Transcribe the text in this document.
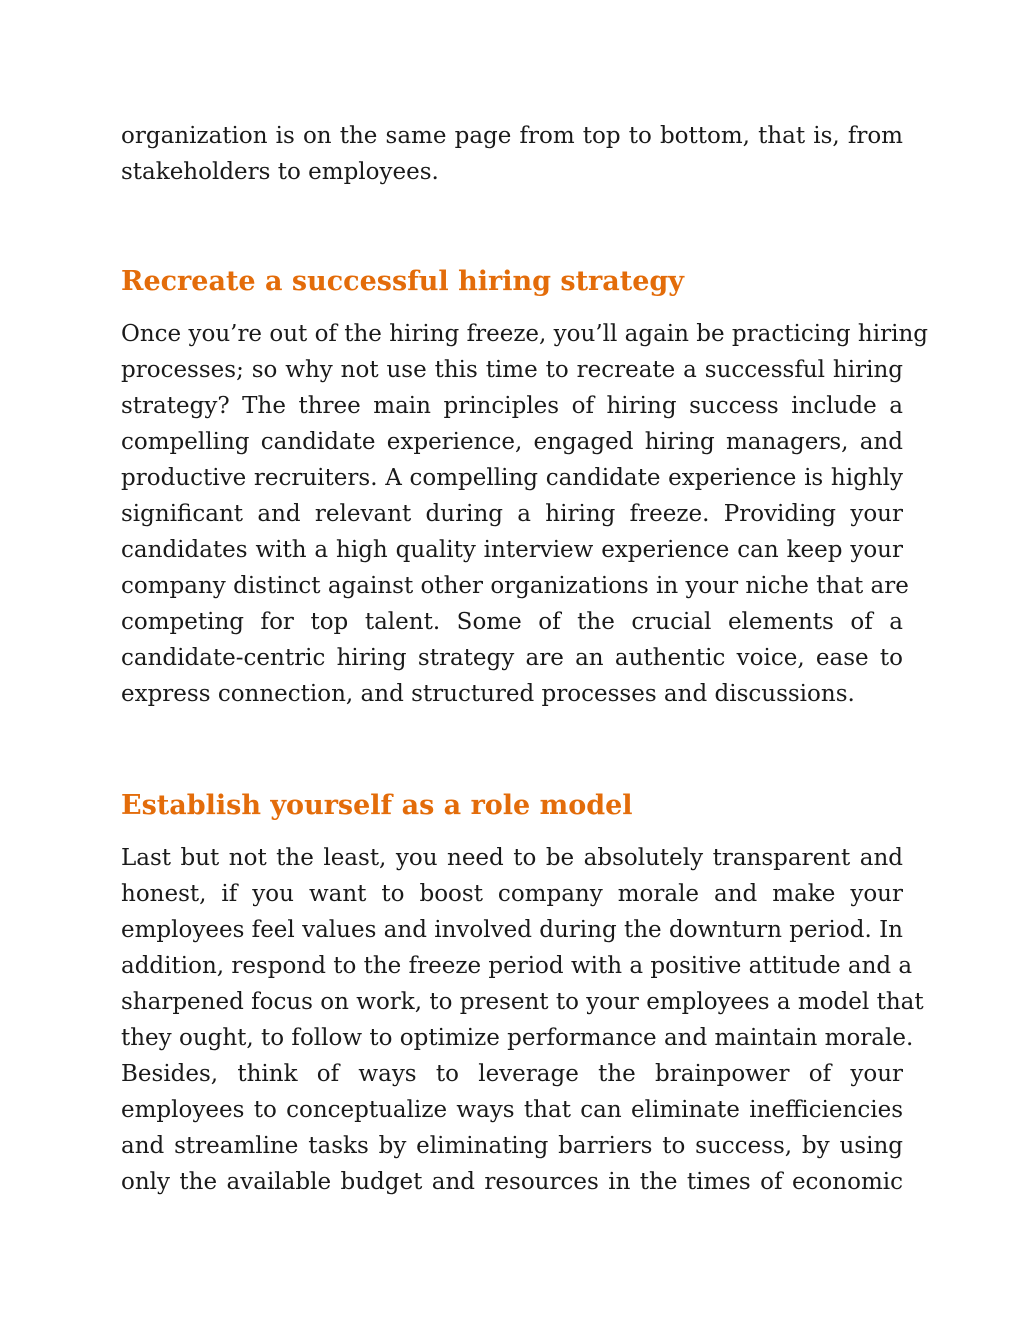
organization is on the same page from top to bottom, that is, from
stakeholders to employees.

Recreate a successful hiring strategy

Once you’re out of the hiring freeze, you’ll again be practicing hiring
processes; so why not use this time to recreate a successful hiring
strategy? The three main principles of hiring success include a
compelling candidate experience, engaged hiring managers, and
productive recruiters. A compelling candidate experience is highly
significant and relevant during a hiring freeze. Providing your
candidates with a high quality interview experience can keep your
company distinct against other organizations in your niche that are
competing for top talent. Some of the crucial elements of a
candidate-centric hiring strategy are an authentic voice, ease to
express connection, and structured processes and discussions.

Establish yourself as a role model

Last but not the least, you need to be absolutely transparent and
honest, if you want to boost company morale and make your
employees feel values and involved during the downturn period. In
addition, respond to the freeze period with a positive attitude and a
sharpened focus on work, to present to your employees a model that
they ought, to follow to optimize performance and maintain morale.
Besides, think of ways to leverage the brainpower of your
employees to conceptualize ways that can eliminate inefficiencies
and streamline tasks by eliminating barriers to success, by using
only the available budget and resources in the times of economic
